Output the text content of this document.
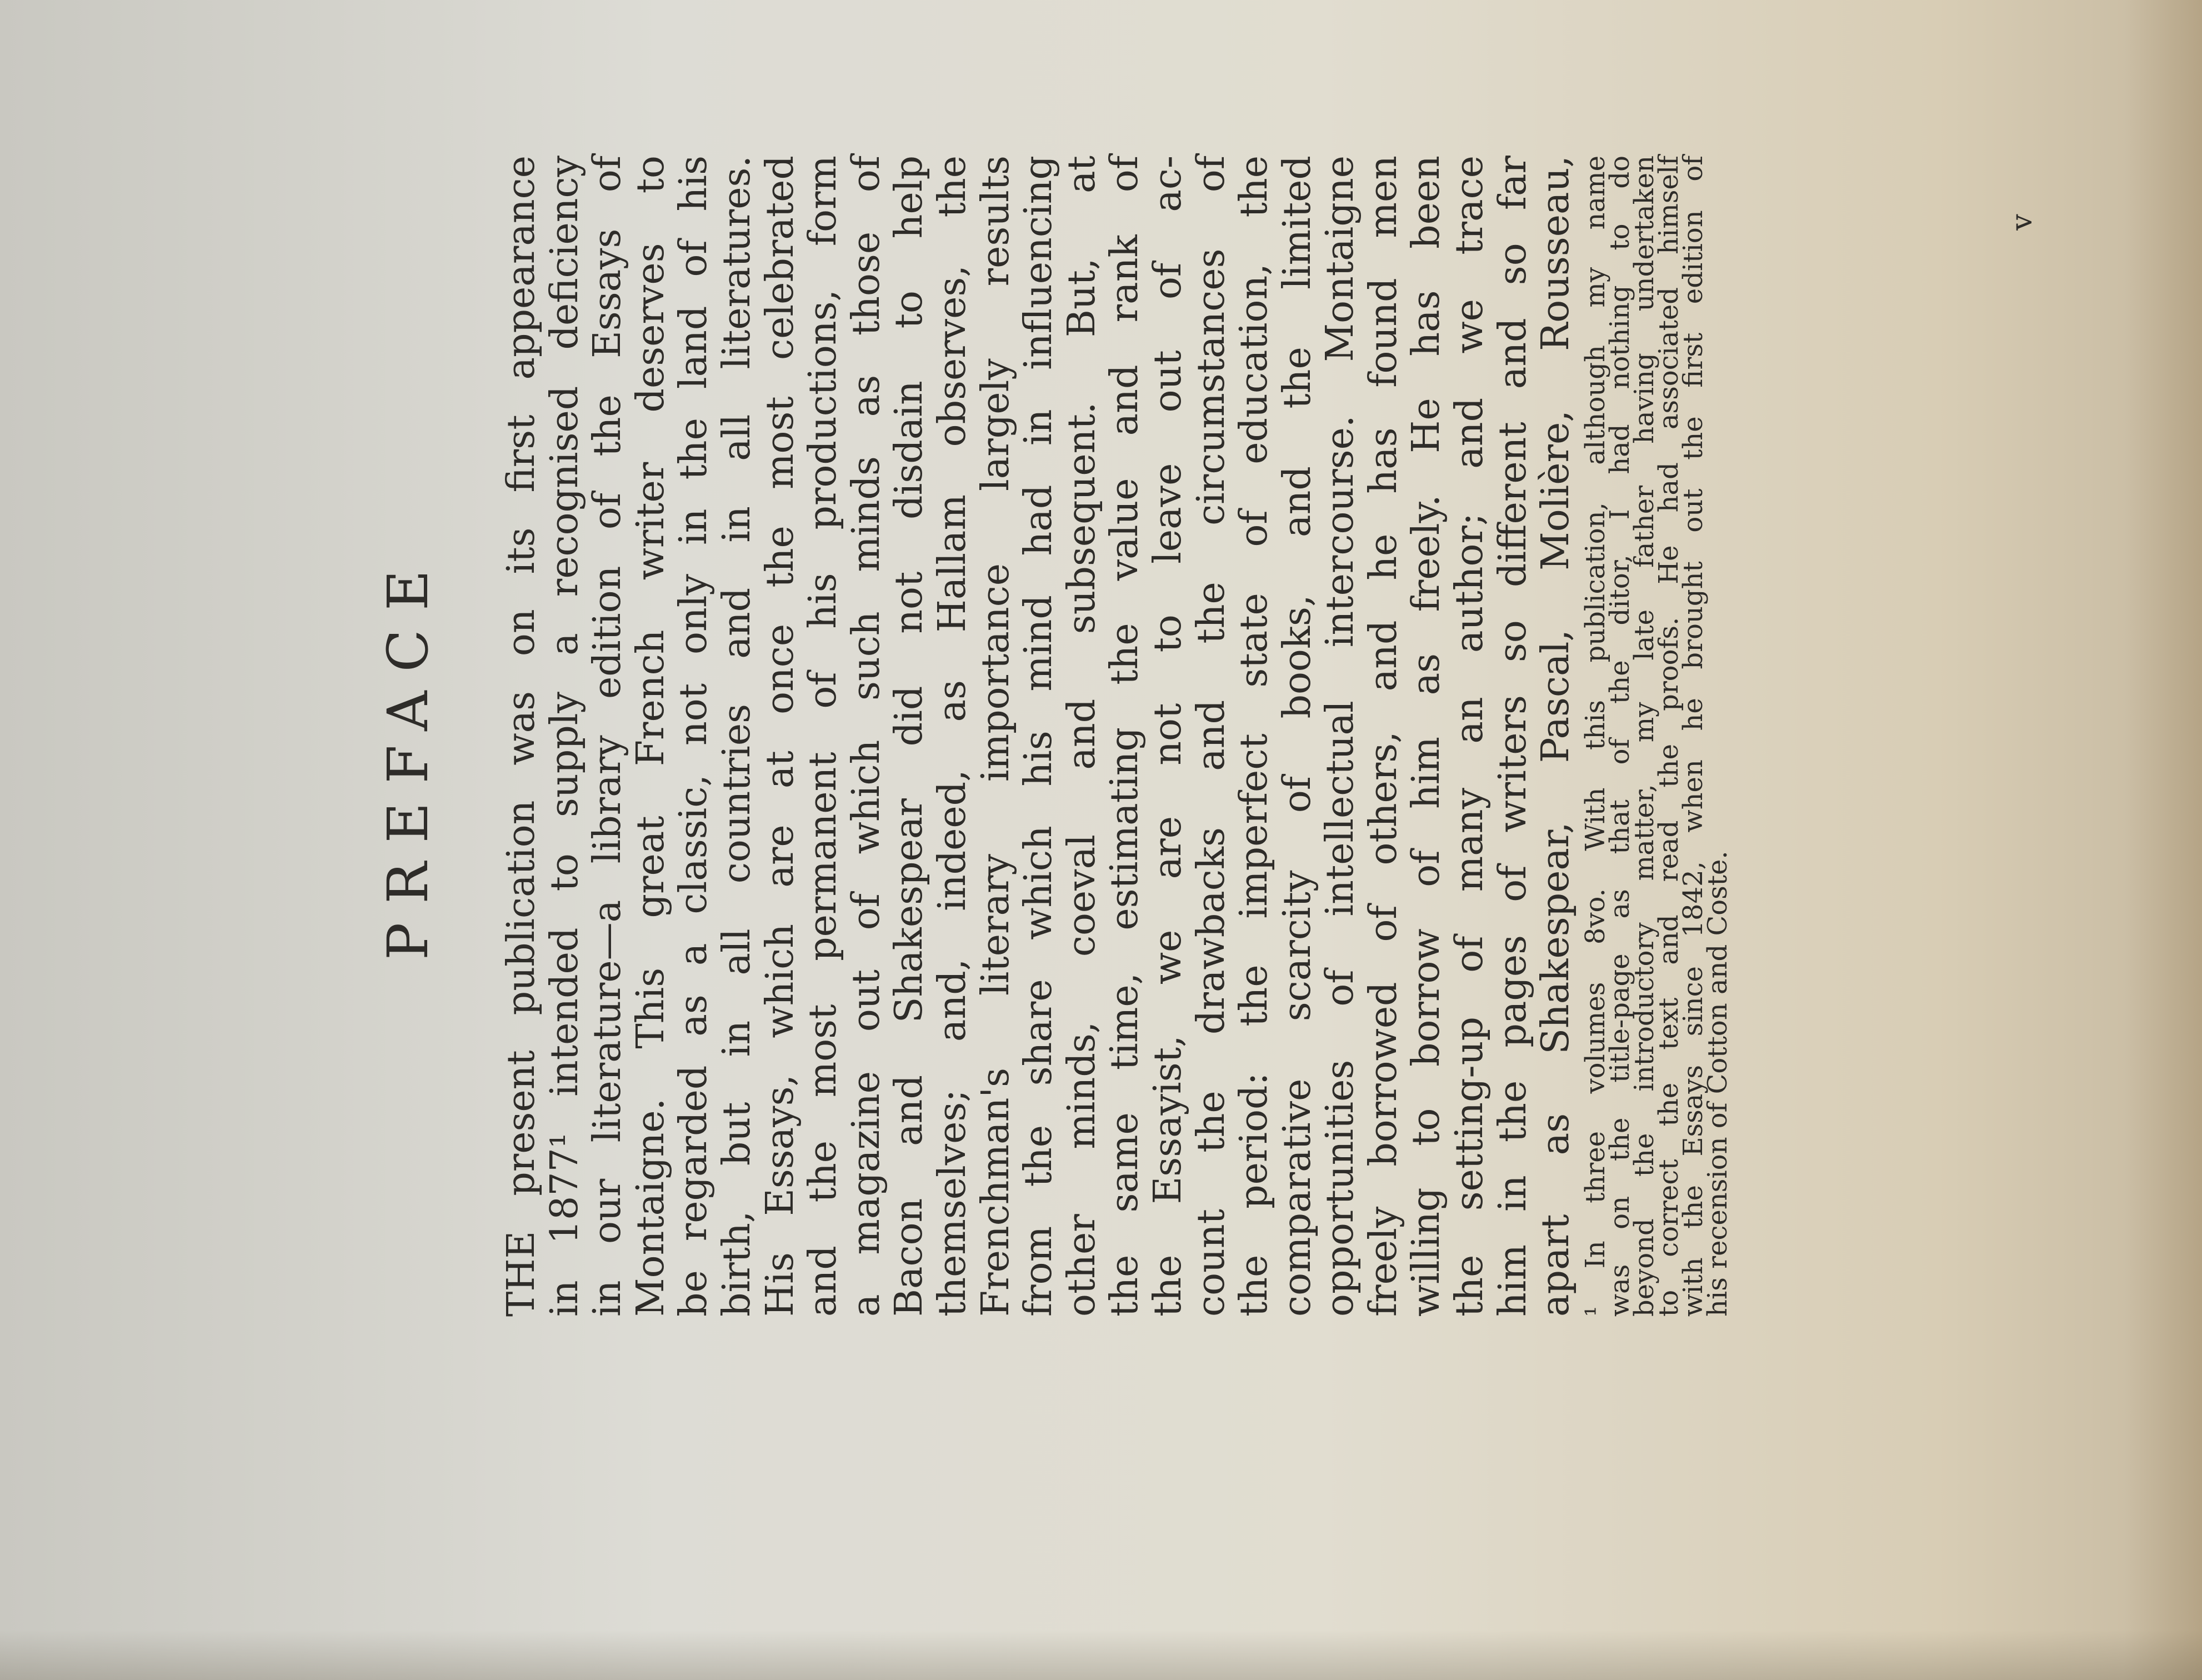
PREFACE	THE present publication was on its first appearance
in 1877¹ intended to supply a recognised deficiency
in our literature—a library edition of the Essays of
Montaigne. This great French writer deserves to
be regarded as a classic, not only in the land of his
birth, but in all countries and in all literatures.
His Essays, which are at once the most celebrated
and the most permanent of his productions, form
a magazine out of which such minds as those of
Bacon and Shakespear did not disdain to help
themselves; and, indeed, as Hallam observes, the
Frenchman's literary importance largely results
from the share which his mind had in influencing
other minds, coeval and subsequent. But, at
the same time, estimating the value and rank of
the Essayist, we are not to leave out of ac-
count the drawbacks and the circumstances of
the period: the imperfect state of education, the
comparative scarcity of books, and the limited
opportunities of intellectual intercourse. Montaigne
freely borrowed of others, and he has found men
willing to borrow of him as freely. He has been
the setting-up of many an author; and we trace
him in the pages of writers so different and so far
apart as Shakespear, Pascal, Molière, Rousseau, ¹ In three volumes 8vo. With this publication, although my name
was on the title-page as that of the ditor, I had nothing to do
beyond the introductory matter, my late father having undertaken
to correct the text and read the proofs. He had associated himself
with the Essays since 1842, when he brought out the first edition of
his recension of Cotton and Coste.
v
